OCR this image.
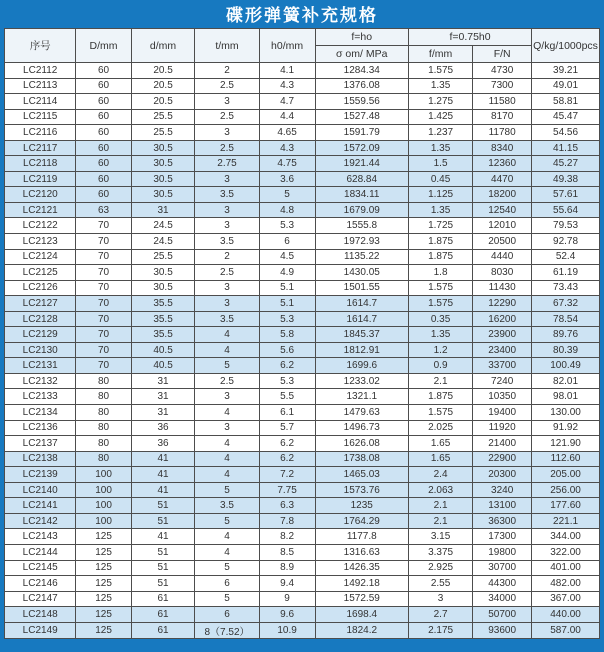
碟形弹簧补充规格
序号	D/mm	d/mm	t/mm	h0/mm	f=ho	f=0.75h0		Q/kg/1000pcs
					σ om/ MPa	f/mm	F/N	
LC2112	60	20.5	2	4.1	1284.34	1.575	4730	39.21
LC2113	60	20.5	2.5	4.3	1376.08	1.35	7300	49.01
LC2114	60	20.5	3	4.7	1559.56	1.275	11580	58.81
LC2115	60	25.5	2.5	4.4	1527.48	1.425	8170	45.47
LC2116	60	25.5	3	4.65	1591.79	1.237	11780	54.56
LC2117	60	30.5	2.5	4.3	1572.09	1.35	8340	41.15
LC2118	60	30.5	2.75	4.75	1921.44	1.5	12360	45.27
LC2119	60	30.5	3	3.6	628.84	0.45	4470	49.38
LC2120	60	30.5	3.5	5	1834.11	1.125	18200	57.61
LC2121	63	31	3	4.8	1679.09	1.35	12540	55.64
LC2122	70	24.5	3	5.3	1555.8	1.725	12010	79.53
LC2123	70	24.5	3.5	6	1972.93	1.875	20500	92.78
LC2124	70	25.5	2	4.5	1135.22	1.875	4440	52.4
LC2125	70	30.5	2.5	4.9	1430.05	1.8	8030	61.19
LC2126	70	30.5	3	5.1	1501.55	1.575	11430	73.43
LC2127	70	35.5	3	5.1	1614.7	1.575	12290	67.32
LC2128	70	35.5	3.5	5.3	1614.7	0.35	16200	78.54
LC2129	70	35.5	4	5.8	1845.37	1.35	23900	89.76
LC2130	70	40.5	4	5.6	1812.91	1.2	23400	80.39
LC2131	70	40.5	5	6.2	1699.6	0.9	33700	100.49
LC2132	80	31	2.5	5.3	1233.02	2.1	7240	82.01
LC2133	80	31	3	5.5	1321.1	1.875	10350	98.01
LC2134	80	31	4	6.1	1479.63	1.575	19400	130.00
LC2136	80	36	3	5.7	1496.73	2.025	11920	91.92
LC2137	80	36	4	6.2	1626.08	1.65	21400	121.90
LC2138	80	41	4	6.2	1738.08	1.65	22900	112.60
LC2139	100	41	4	7.2	1465.03	2.4	20300	205.00
LC2140	100	41	5	7.75	1573.76	2.063	3240	256.00
LC2141	100	51	3.5	6.3	1235	2.1	13100	177.60
LC2142	100	51	5	7.8	1764.29	2.1	36300	221.1
LC2143	125	41	4	8.2	1177.8	3.15	17300	344.00
LC2144	125	51	4	8.5	1316.63	3.375	19800	322.00
LC2145	125	51	5	8.9	1426.35	2.925	30700	401.00
LC2146	125	51	6	9.4	1492.18	2.55	44300	482.00
LC2147	125	61	5	9	1572.59	3	34000	367.00
LC2148	125	61	6	9.6	1698.4	2.7	50700	440.00
LC2149	125	61	8（7.52）	10.9	1824.2	2.175	93600	587.00
